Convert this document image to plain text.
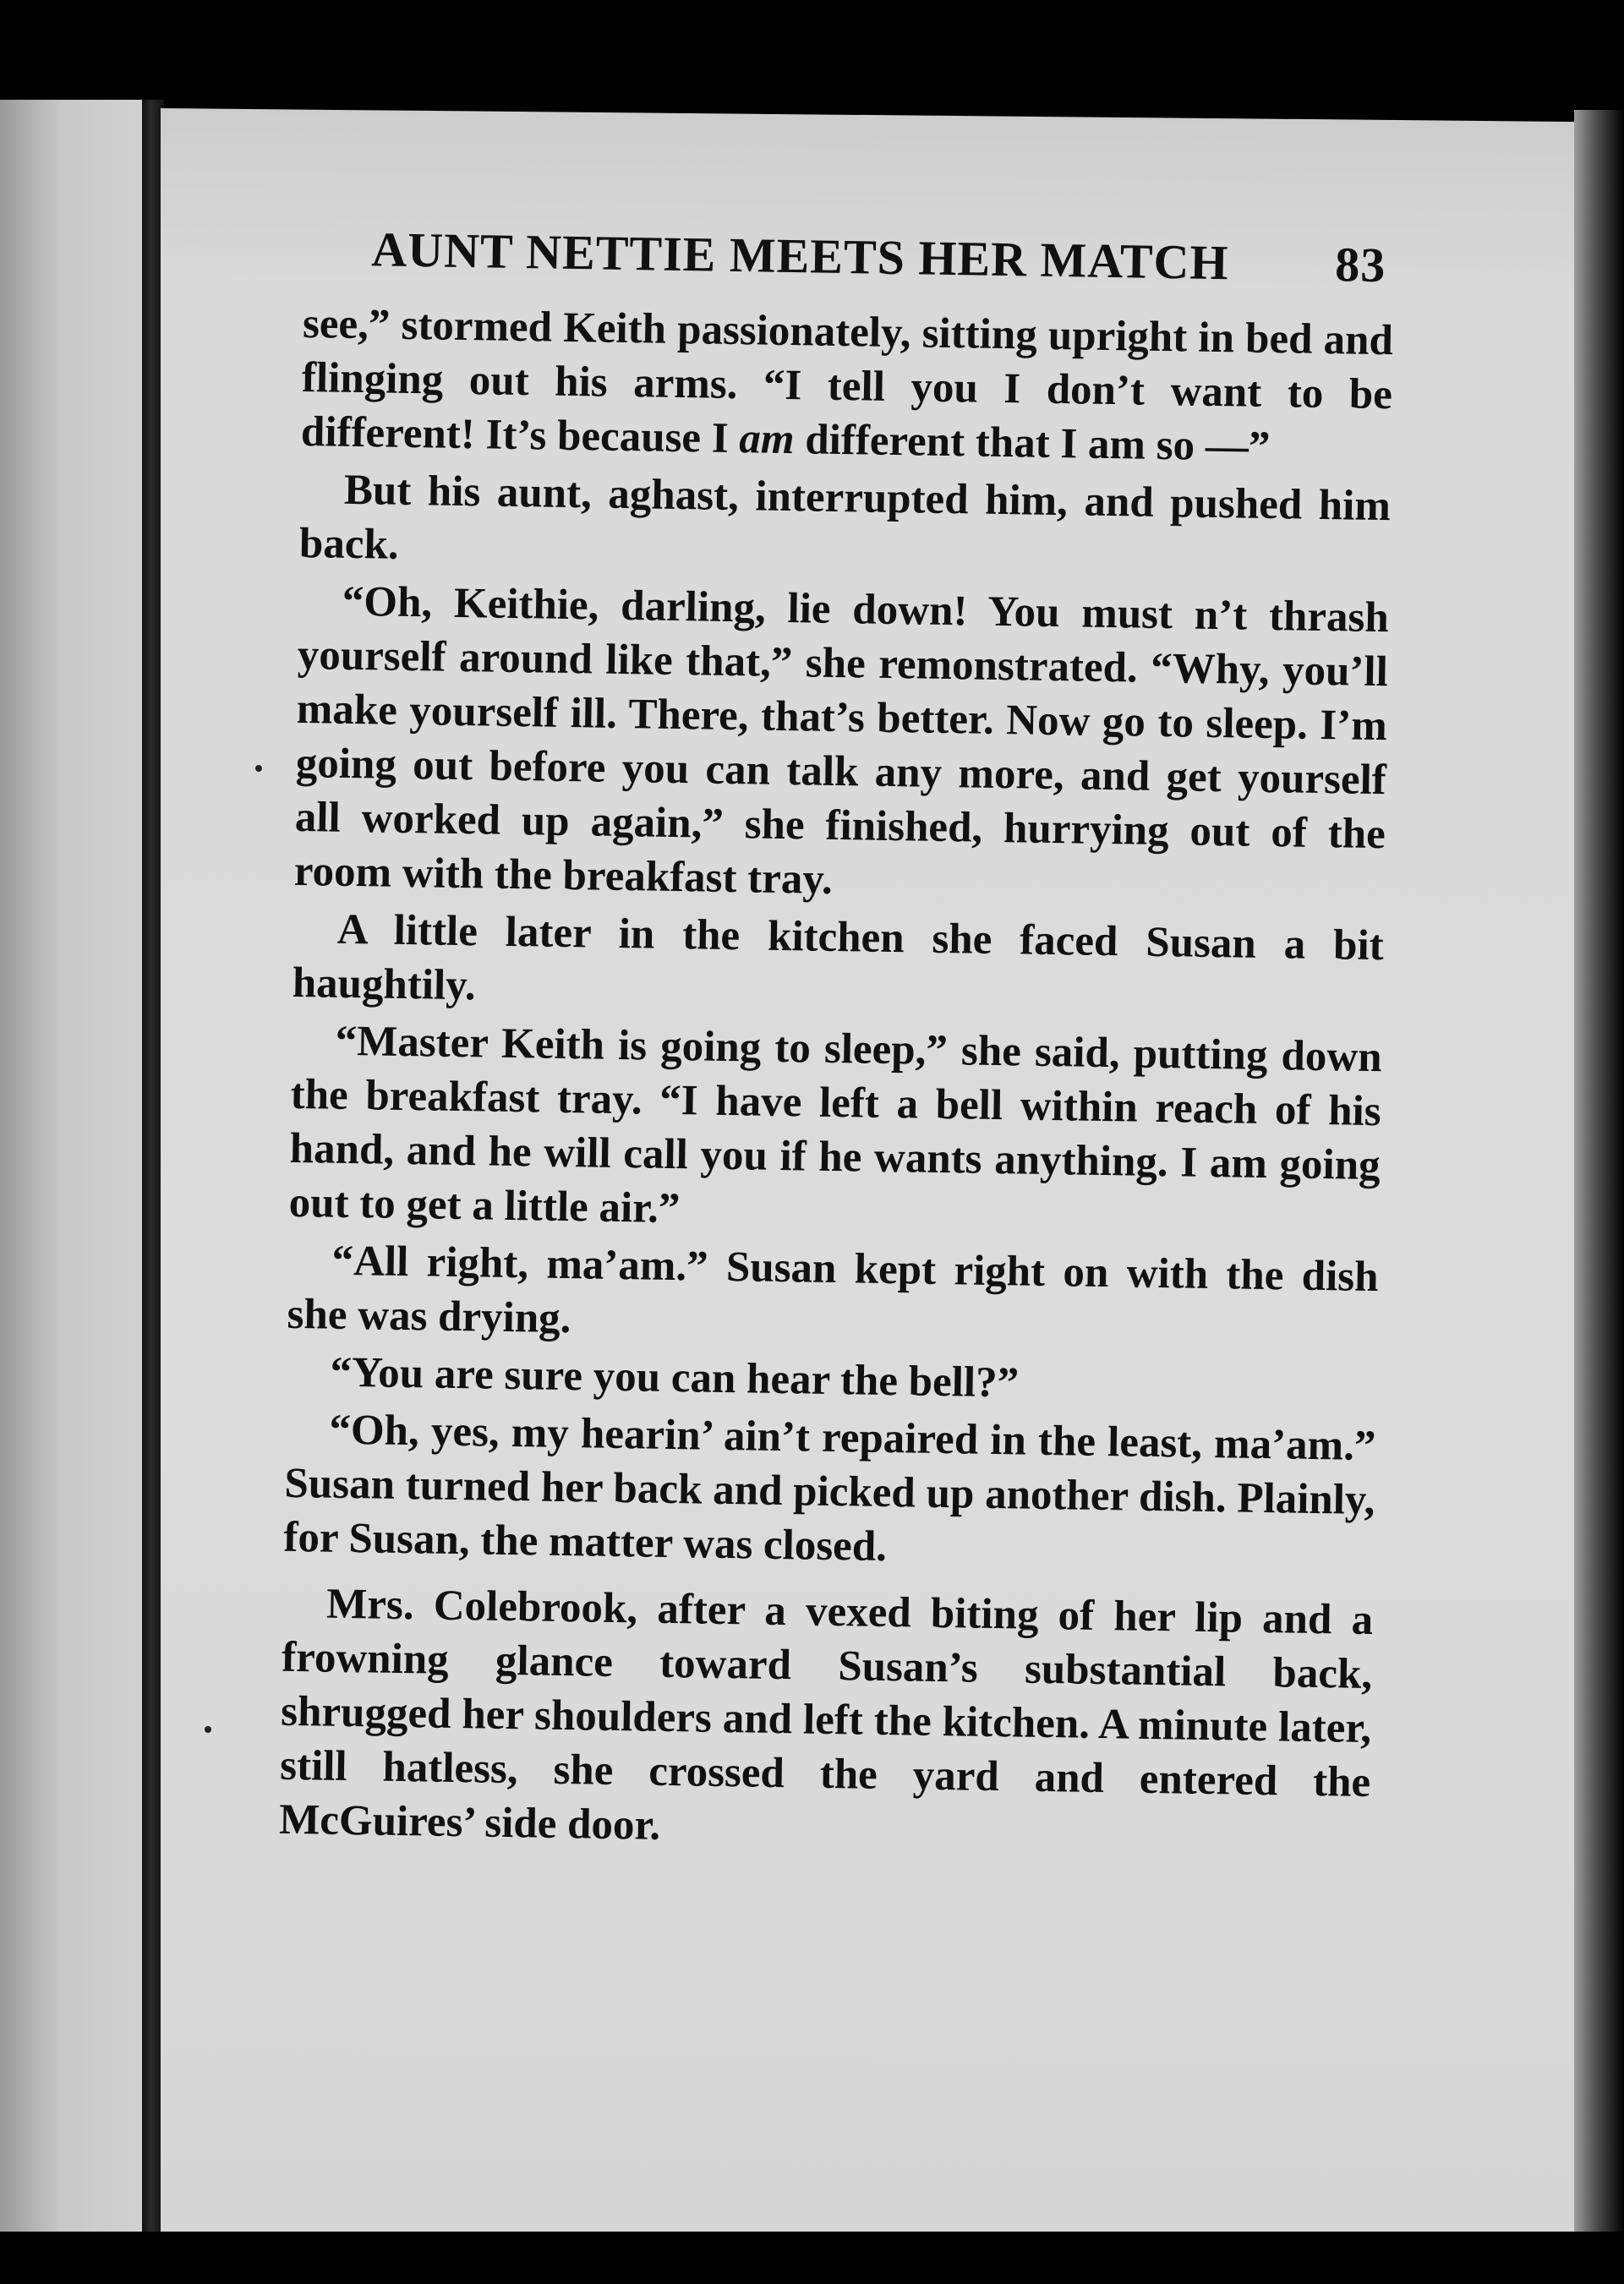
AUNT NETTIE MEETS HER MATCH 83

see,” stormed Keith passionately, sitting upright in bed and flinging out his arms. “I tell you I don’t want to be different! It’s because I am different that I am so —”

But his aunt, aghast, interrupted him, and pushed him back.

“Oh, Keithie, darling, lie down! You must n’t thrash yourself around like that,” she remonstrated. “Why, you’ll make yourself ill. There, that’s better. Now go to sleep. I’m going out before you can talk any more, and get yourself all worked up again,” she finished, hurrying out of the room with the breakfast tray.

A little later in the kitchen she faced Susan a bit haughtily.

“Master Keith is going to sleep,” she said, putting down the breakfast tray. “I have left a bell within reach of his hand, and he will call you if he wants anything. I am going out to get a little air.”

“All right, ma’am.” Susan kept right on with the dish she was drying.

“You are sure you can hear the bell?”

“Oh, yes, my hearin’ ain’t repaired in the least, ma’am.” Susan turned her back and picked up another dish. Plainly, for Susan, the matter was closed.

Mrs. Colebrook, after a vexed biting of her lip and a frowning glance toward Susan’s substantial back, shrugged her shoulders and left the kitchen. A minute later, still hatless, she crossed the yard and entered the McGuires’ side door.
